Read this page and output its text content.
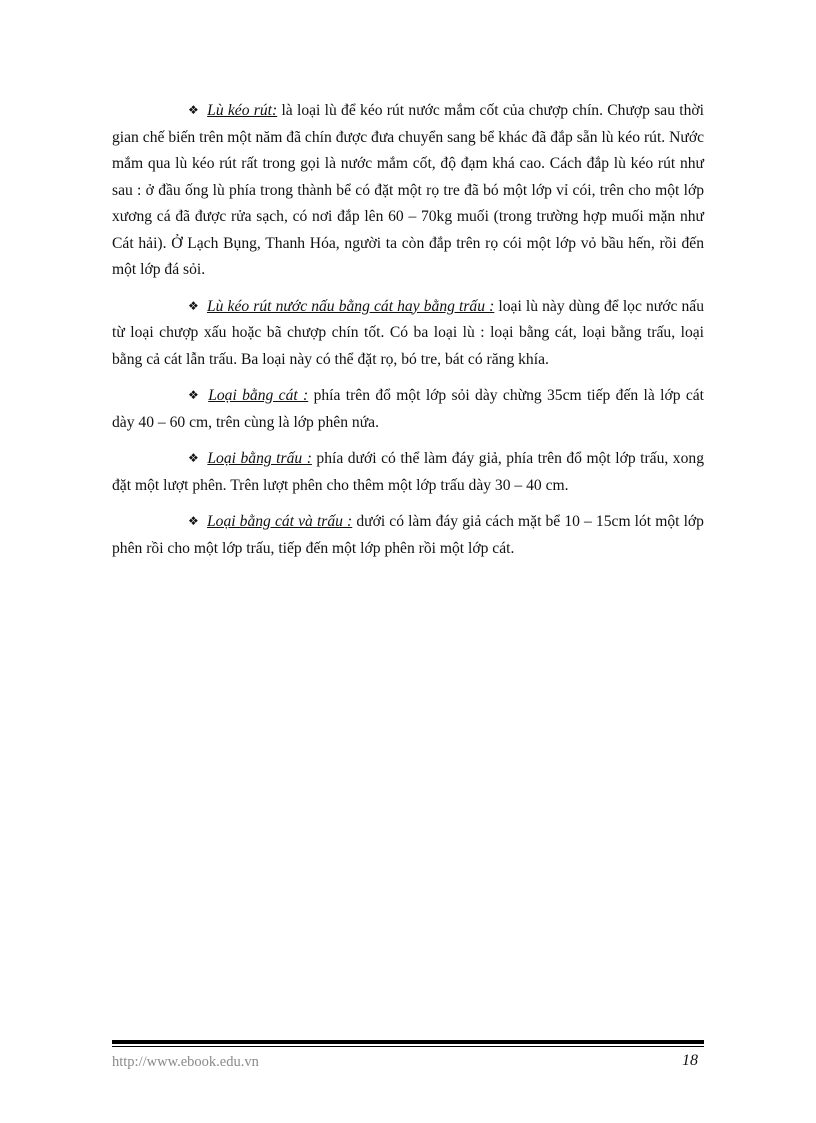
❖ Lù kéo rút: là loại lù để kéo rút nước mắm cốt của chượp chín. Chượp sau thời gian chế biến trên một năm đã chín được đưa chuyển sang bể khác đã đắp sẵn lù kéo rút. Nước mắm qua lù kéo rút rất trong gọi là nước mắm cốt, độ đạm khá cao. Cách đắp lù kéo rút như sau : ở đầu ống lù phía trong thành bể có đặt một rọ tre đã bó một lớp vỉ cói, trên cho một lớp xương cá đã được rửa sạch, có nơi đắp lên 60 – 70kg muối (trong trường hợp muối mặn như Cát hải). Ở Lạch Bụng, Thanh Hóa, người ta còn đắp trên rọ cói một lớp vỏ bầu hến, rồi đến một lớp đá sỏi.

❖ Lù kéo rút nước nấu bằng cát hay bằng trấu : loại lù này dùng để lọc nước nấu từ loại chượp xấu hoặc bã chượp chín tốt. Có ba loại lù : loại bằng cát, loại bằng trấu, loại bằng cả cát lẫn trấu. Ba loại này có thể đặt rọ, bó tre, bát có răng khía.

❖ Loại bằng cát : phía trên đổ một lớp sỏi dày chừng 35cm tiếp đến là lớp cát dày 40 – 60 cm, trên cùng là lớp phên nứa.

❖ Loại bằng trấu : phía dưới có thể làm đáy giả, phía trên đổ một lớp trấu, xong đặt một lượt phên. Trên lượt phên cho thêm một lớp trấu dày 30 – 40 cm.

❖ Loại bằng cát và trấu : dưới có làm đáy giả cách mặt bể 10 – 15cm lót một lớp phên rồi cho một lớp trấu, tiếp đến một lớp phên rồi một lớp cát.

http://www.ebook.edu.vn	18
